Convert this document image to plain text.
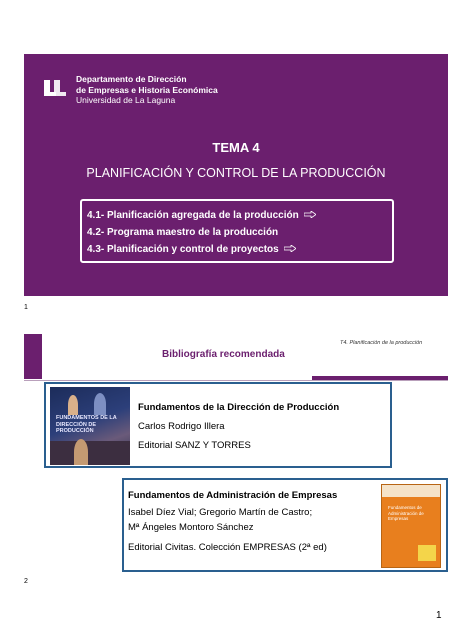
Departamento de Dirección
de Empresas e Historia Económica
Universidad de La Laguna
TEMA 4
PLANIFICACIÓN Y CONTROL DE LA PRODUCCIÓN
4.1- Planificación agregada de la producción
4.2- Programa maestro de la producción
4.3- Planificación y control de proyectos
1
T4. Planificación de la producción
Bibliografía recomendada
FUNDAMENTOS DE LA DIRECCIÓN DE PRODUCCIÓN
Fundamentos de la Dirección de Producción
Carlos Rodrigo Illera
Editorial SANZ Y TORRES
Fundamentos de Administración de Empresas
Isabel Díez Vial; Gregorio Martín de Castro;
Mª Ángeles Montoro Sánchez
Editorial Civitas. Colección EMPRESAS (2ª ed)
Fundamentos de Administración de Empresas
2
1
